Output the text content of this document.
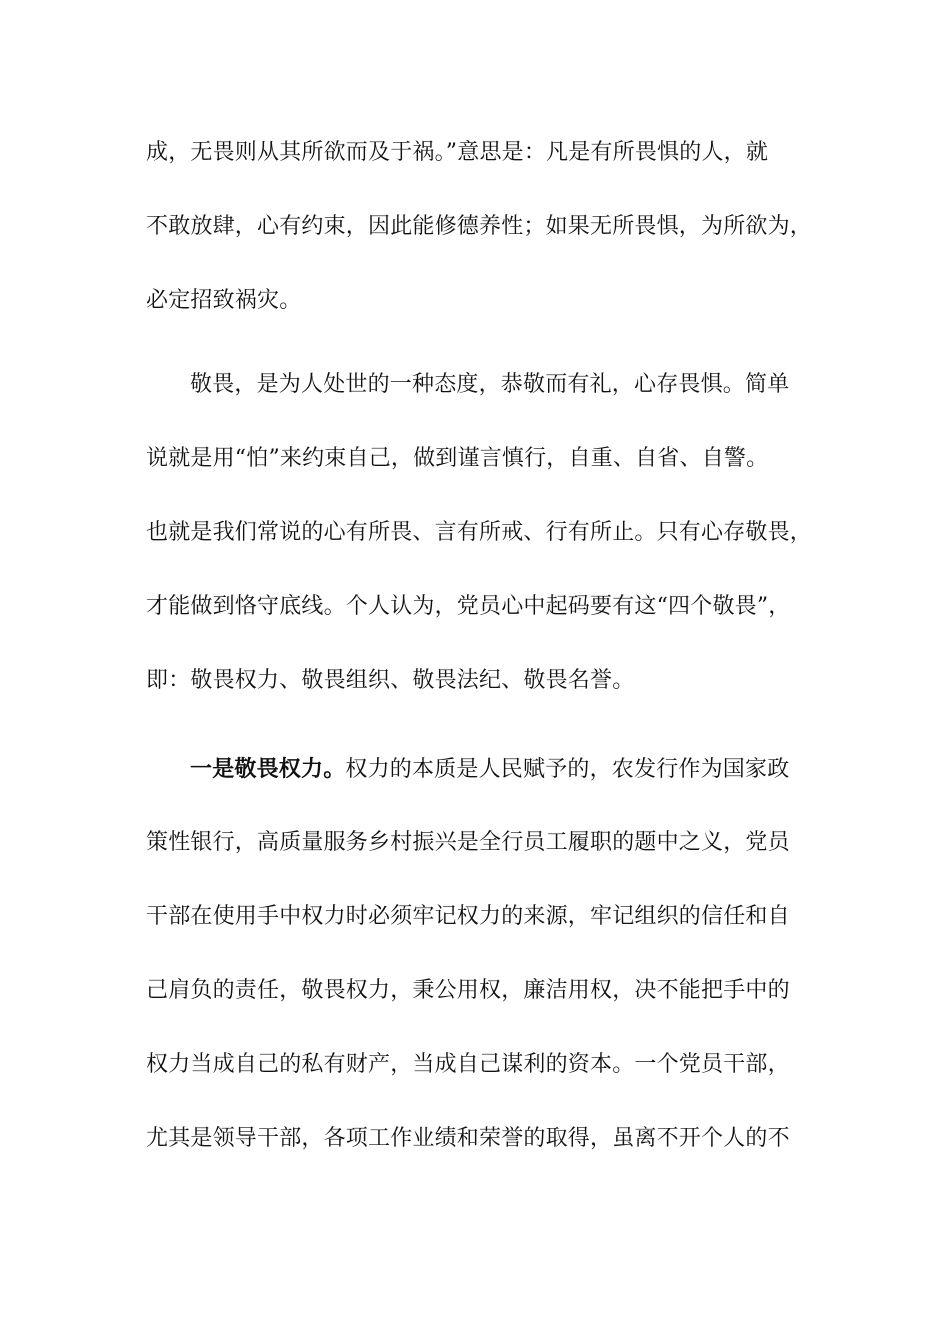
成，无畏则从其所欲而及于祸。”意思是：凡是有所畏惧的人，就
不敢放肆，心有约束，因此能修德养性；如果无所畏惧，为所欲为，
必定招致祸灾。
敬畏，是为人处世的一种态度，恭敬而有礼，心存畏惧。简单
说就是用“怕”来约束自己，做到谨言慎行，自重、自省、自警。
也就是我们常说的心有所畏、言有所戒、行有所止。只有心存敬畏，
才能做到恪守底线。个人认为，党员心中起码要有这“四个敬畏”，
即：敬畏权力、敬畏组织、敬畏法纪、敬畏名誉。
一是敬畏权力。权力的本质是人民赋予的，农发行作为国家政
策性银行，高质量服务乡村振兴是全行员工履职的题中之义，党员
干部在使用手中权力时必须牢记权力的来源，牢记组织的信任和自
己肩负的责任，敬畏权力，秉公用权，廉洁用权，决不能把手中的
权力当成自己的私有财产，当成自己谋利的资本。一个党员干部，
尤其是领导干部，各项工作业绩和荣誉的取得，虽离不开个人的不
